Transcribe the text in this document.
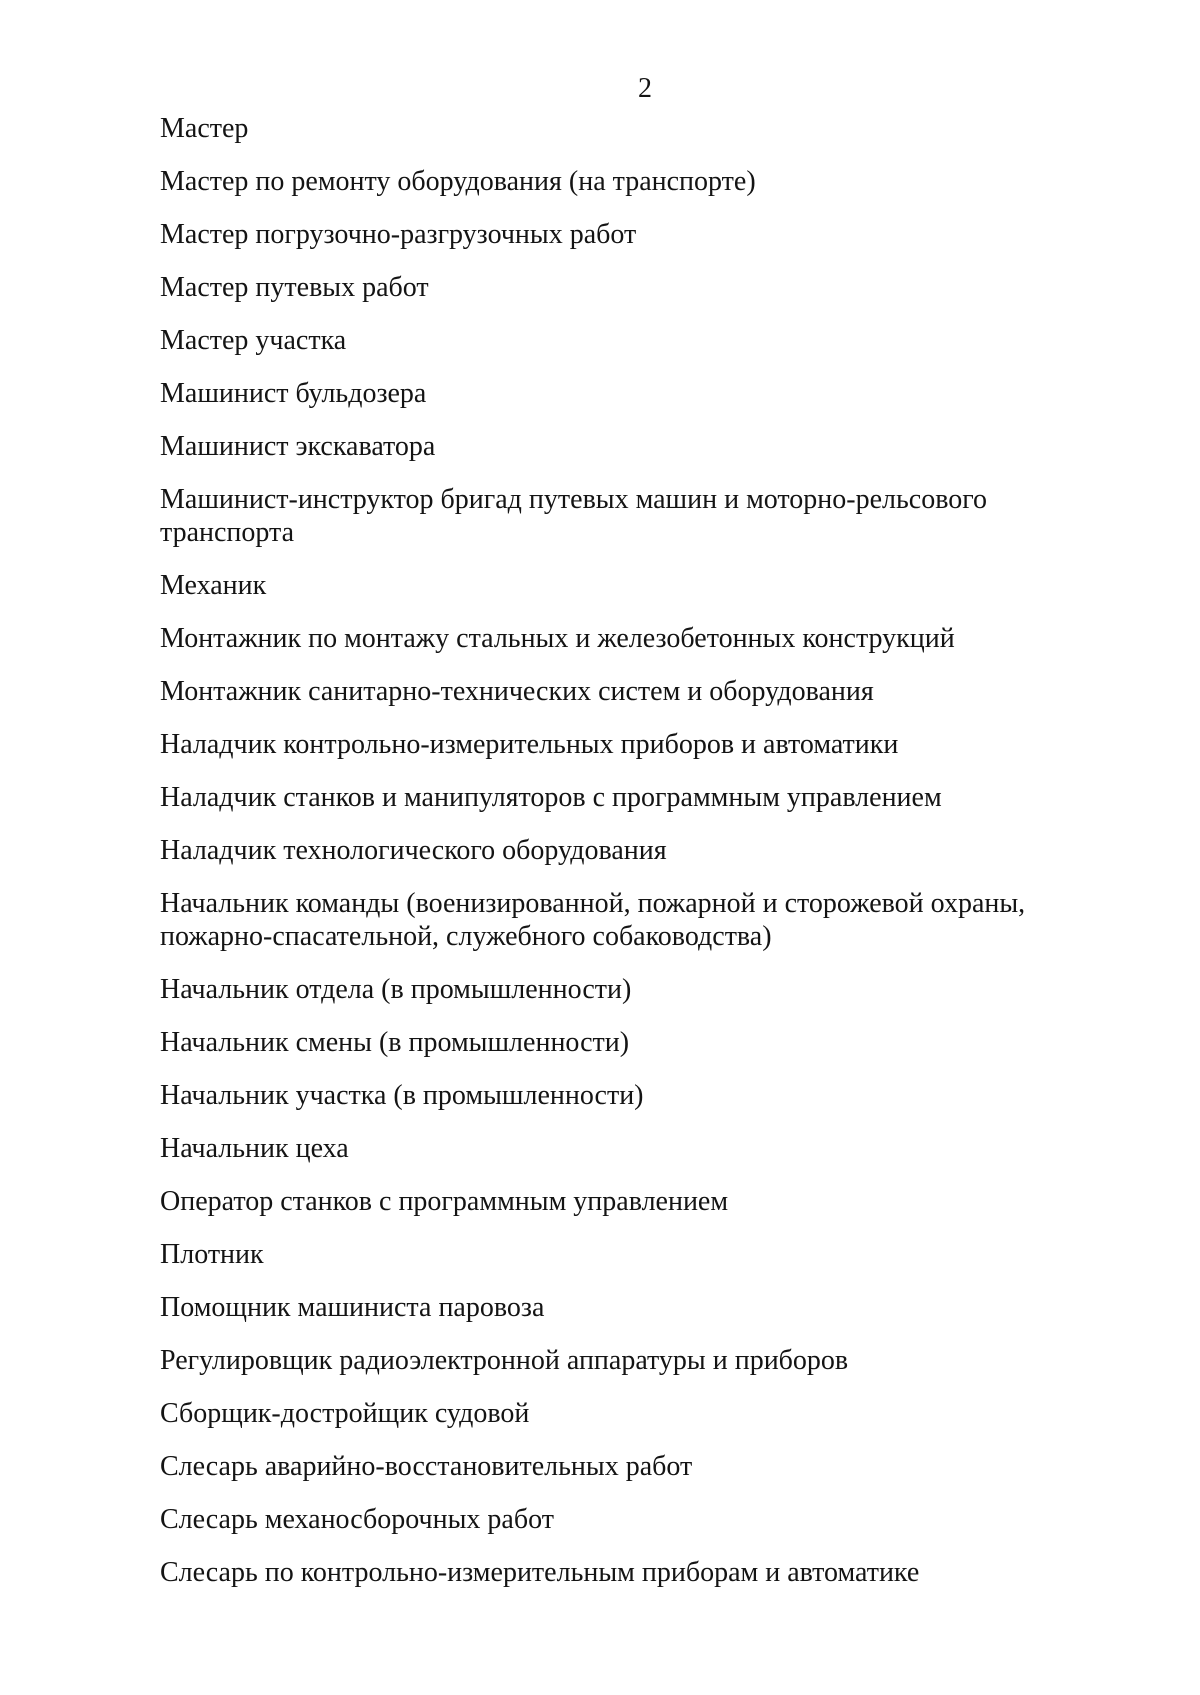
2
Мастер
Мастер по ремонту оборудования (на транспорте)
Мастер погрузочно-разгрузочных работ
Мастер путевых работ
Мастер участка
Машинист бульдозера
Машинист экскаватора
Машинист-инструктор бригад путевых машин и моторно-рельсового транспорта
Механик
Монтажник по монтажу стальных и железобетонных конструкций
Монтажник санитарно-технических систем и оборудования
Наладчик контрольно-измерительных приборов и автоматики
Наладчик станков и манипуляторов с программным управлением
Наладчик технологического оборудования
Начальник команды (военизированной, пожарной и сторожевой охраны, пожарно-спасательной, служебного собаководства)
Начальник отдела (в промышленности)
Начальник смены (в промышленности)
Начальник участка (в промышленности)
Начальник цеха
Оператор станков с программным управлением
Плотник
Помощник машиниста паровоза
Регулировщик радиоэлектронной аппаратуры и приборов
Сборщик-достройщик судовой
Слесарь аварийно-восстановительных работ
Слесарь механосборочных работ
Слесарь по контрольно-измерительным приборам и автоматике
